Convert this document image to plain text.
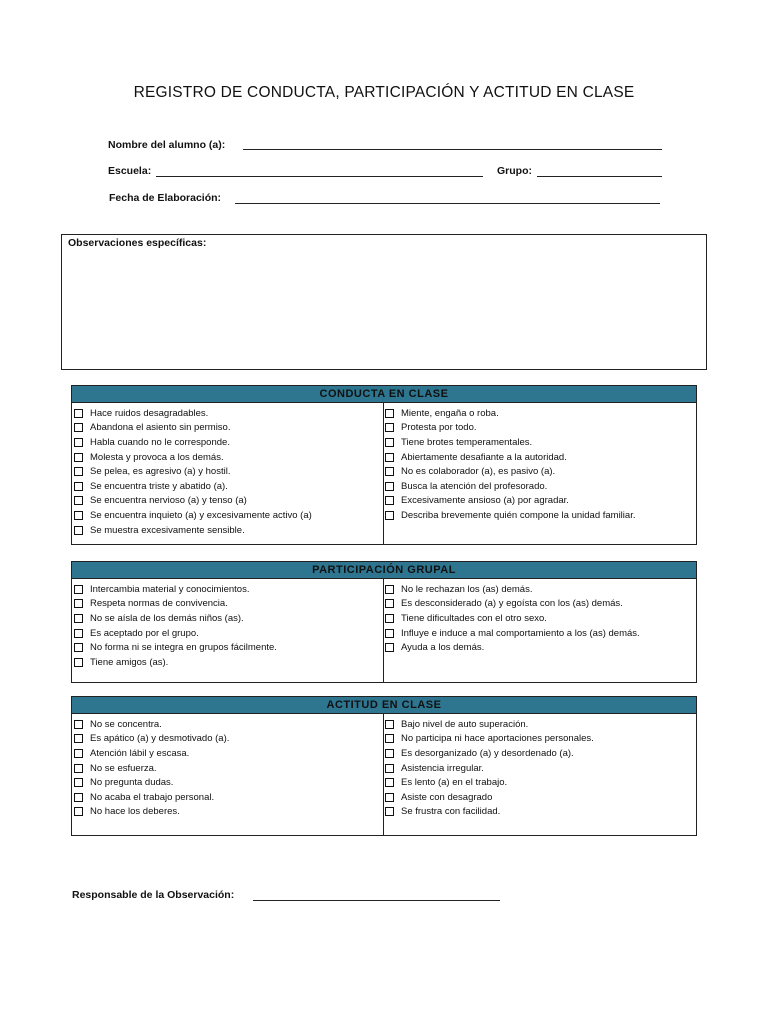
REGISTRO DE CONDUCTA, PARTICIPACIÓN Y ACTITUD EN CLASE
Nombre del alumno (a):
Escuela:	Grupo:
Fecha de Elaboración:
Observaciones específicas:
CONDUCTA EN CLASE
Hace ruidos desagradables.
Abandona el asiento sin permiso.
Habla cuando no le corresponde.
Molesta y provoca a los demás.
Se pelea, es agresivo (a) y hostil.
Se encuentra triste y abatido (a).
Se encuentra nervioso (a) y tenso (a)
Se encuentra inquieto (a) y excesivamente activo (a)
Se muestra excesivamente sensible.
Miente, engaña o roba.
Protesta por todo.
Tiene brotes temperamentales.
Abiertamente desafiante a la autoridad.
No es colaborador (a), es pasivo (a).
Busca la atención del profesorado.
Excesivamente ansioso (a) por agradar.
Describa brevemente quién compone la unidad familiar.
PARTICIPACIÓN GRUPAL
Intercambia material y conocimientos.
Respeta normas de convivencia.
No se aísla de los demás niños (as).
Es aceptado por el grupo.
No forma ni se integra en grupos fácilmente.
Tiene amigos (as).
No le rechazan los (as) demás.
Es desconsiderado (a) y egoísta con los (as) demás.
Tiene dificultades con el otro sexo.
Influye e induce a mal comportamiento a los (as) demás.
Ayuda a los demás.
ACTITUD EN CLASE
No se concentra.
Es apático (a) y desmotivado (a).
Atención lábil y escasa.
No se esfuerza.
No pregunta dudas.
No acaba el trabajo personal.
No hace los deberes.
Bajo nivel de auto superación.
No participa ni hace aportaciones personales.
Es desorganizado (a) y desordenado (a).
Asistencia irregular.
Es lento (a) en el trabajo.
Asiste con desagrado
Se frustra con facilidad.
Responsable de la Observación:
